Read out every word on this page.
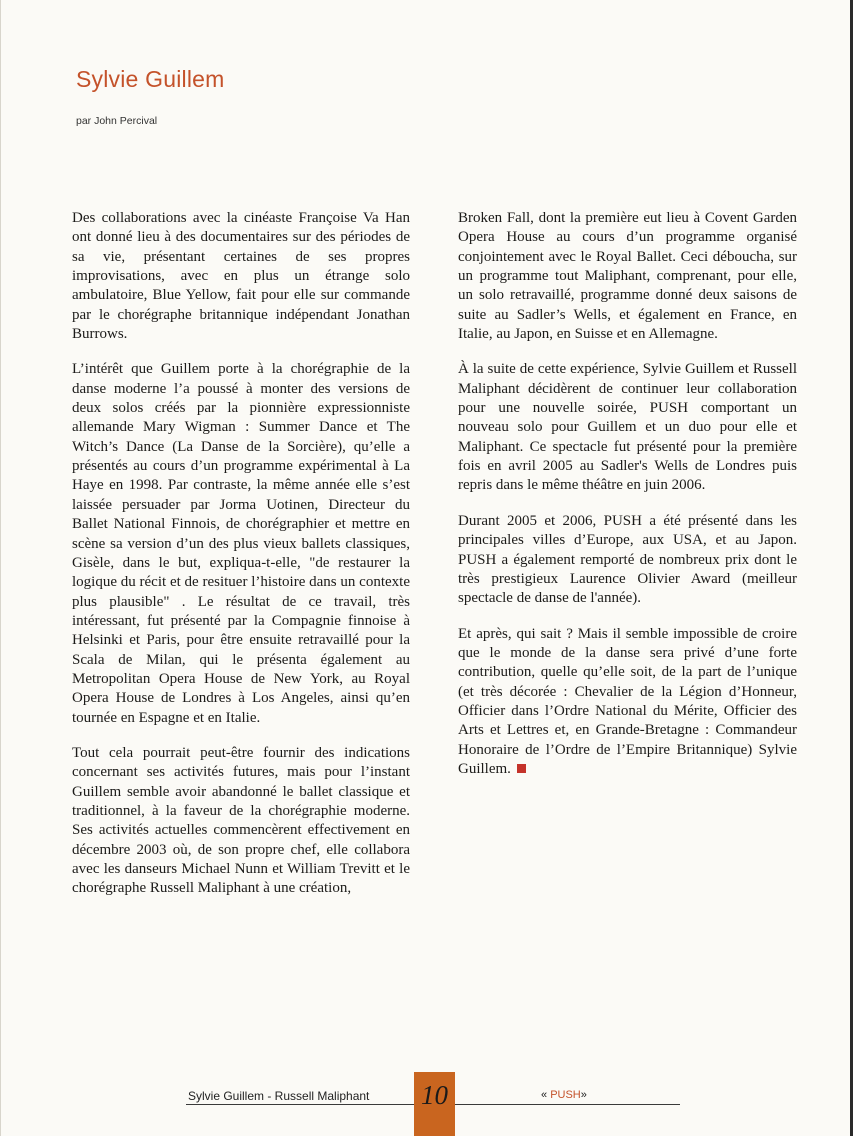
Sylvie Guillem
par John Percival

Des collaborations avec la cinéaste Françoise Va Han ont donné lieu à des documentaires sur des périodes de sa vie, présentant certaines de ses propres improvisations, avec en plus un étrange solo ambulatoire, Blue Yellow, fait pour elle sur commande par le chorégraphe britannique indépendant Jonathan Burrows.

L’intérêt que Guillem porte à la chorégraphie de la danse moderne l’a poussé à monter des versions de deux solos créés par la pionnière expressionniste allemande Mary Wigman : Summer Dance et The Witch’s Dance (La Danse de la Sorcière), qu’elle a présentés au cours d’un programme expérimental à La Haye en 1998. Par contraste, la même année elle s’est laissée persuader par Jorma Uotinen, Directeur du Ballet National Finnois, de chorégraphier et mettre en scène sa version d’un des plus vieux ballets classiques, Gisèle, dans le but, expliqua-t-elle, "de restaurer la logique du récit et de resituer l’histoire dans un contexte plus plausible" . Le résultat de ce travail, très intéressant, fut présenté par la Compagnie finnoise à Helsinki et Paris, pour être ensuite retravaillé pour la Scala de Milan, qui le présenta également au Metropolitan Opera House de New York, au Royal Opera House de Londres à Los Angeles, ainsi qu’en tournée en Espagne et en Italie.

Tout cela pourrait peut-être fournir des indications concernant ses activités futures, mais pour l’instant Guillem semble avoir abandonné le ballet classique et traditionnel, à la faveur de la chorégraphie moderne. Ses activités actuelles commencèrent effectivement en décembre 2003 où, de son propre chef, elle collabora avec les danseurs Michael Nunn et William Trevitt et le chorégraphe Russell Maliphant à une création,

Broken Fall, dont la première eut lieu à Covent Garden Opera House au cours d’un programme organisé conjointement avec le Royal Ballet. Ceci déboucha, sur un programme tout Maliphant, comprenant, pour elle, un solo retravaillé, programme donné deux saisons de suite au Sadler’s Wells, et également en France, en Italie, au Japon, en Suisse et en Allemagne.

À la suite de cette expérience, Sylvie Guillem et Russell Maliphant décidèrent de continuer leur collaboration pour une nouvelle soirée, PUSH comportant un nouveau solo pour Guillem et un duo pour elle et Maliphant. Ce spectacle fut présenté pour la première fois en avril 2005 au Sadler's Wells de Londres puis repris dans le même théâtre en juin 2006.

Durant 2005 et 2006, PUSH a été présenté dans les principales villes d’Europe, aux USA, et au Japon. PUSH a également remporté de nombreux prix dont le très prestigieux Laurence Olivier Award (meilleur spectacle de danse de l'année).

Et après, qui sait ? Mais il semble impossible de croire que le monde de la danse sera privé d’une forte contribution, quelle qu’elle soit, de la part de l’unique (et très décorée : Chevalier de la Légion d’Honneur, Officier dans l’Ordre National du Mérite, Officier des Arts et Lettres et, en Grande-Bretagne : Commandeur Honoraire de l’Ordre de l’Empire Britannique) Sylvie Guillem.

Sylvie Guillem - Russell Maliphant 10	« PUSH»
